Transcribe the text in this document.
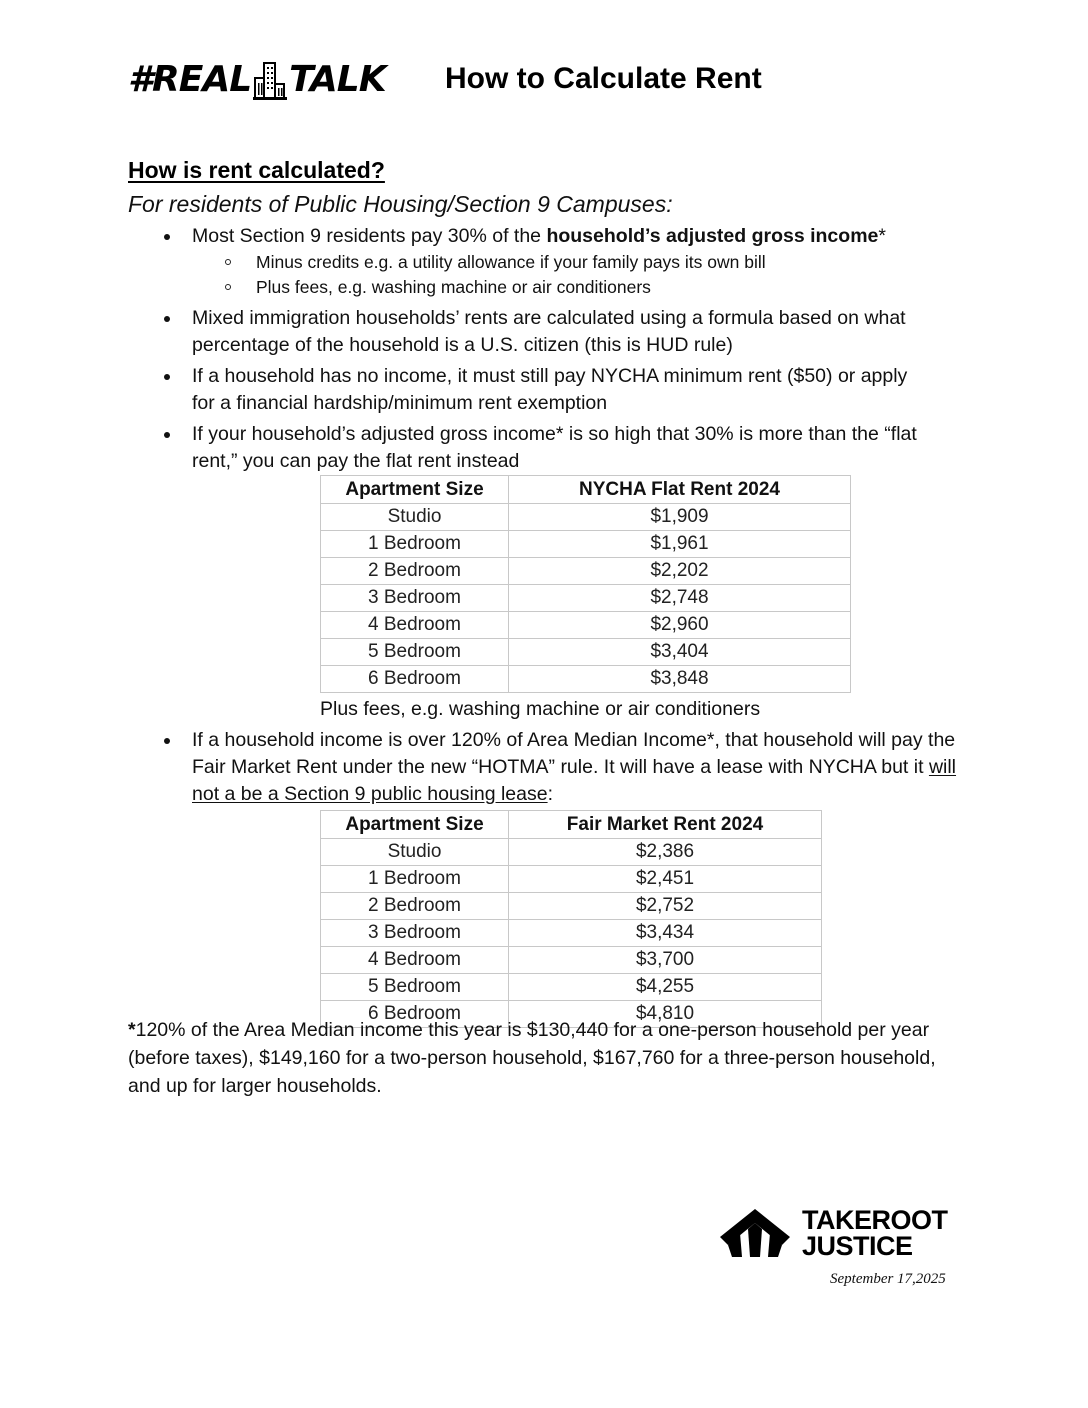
#REAL TALK How to Calculate Rent
How is rent calculated?
For residents of Public Housing/Section 9 Campuses:
Most Section 9 residents pay 30% of the household’s adjusted gross income*
Minus credits e.g. a utility allowance if your family pays its own bill
Plus fees, e.g. washing machine or air conditioners
Mixed immigration households’ rents are calculated using a formula based on what percentage of the household is a U.S. citizen (this is HUD rule)
If a household has no income, it must still pay NYCHA minimum rent ($50) or apply for a financial hardship/minimum rent exemption
If your household’s adjusted gross income* is so high that 30% is more than the “flat rent,” you can pay the flat rent instead
Apartment Size	NYCHA Flat Rent 2024
Studio	$1,909
1 Bedroom	$1,961
2 Bedroom	$2,202
3 Bedroom	$2,748
4 Bedroom	$2,960
5 Bedroom	$3,404
6 Bedroom	$3,848
Plus fees, e.g. washing machine or air conditioners
If a household income is over 120% of Area Median Income*, that household will pay the Fair Market Rent under the new “HOTMA” rule. It will have a lease with NYCHA but it will not a be a Section 9 public housing lease:
Apartment Size	Fair Market Rent 2024
Studio	$2,386
1 Bedroom	$2,451
2 Bedroom	$2,752
3 Bedroom	$3,434
4 Bedroom	$3,700
5 Bedroom	$4,255
6 Bedroom	$4,810
*120% of the Area Median income this year is $130,440 for a one-person household per year (before taxes), $149,160 for a two-person household, $167,760 for a three-person household, and up for larger households.
TAKEROOT
JUSTICE
September 17,2025
